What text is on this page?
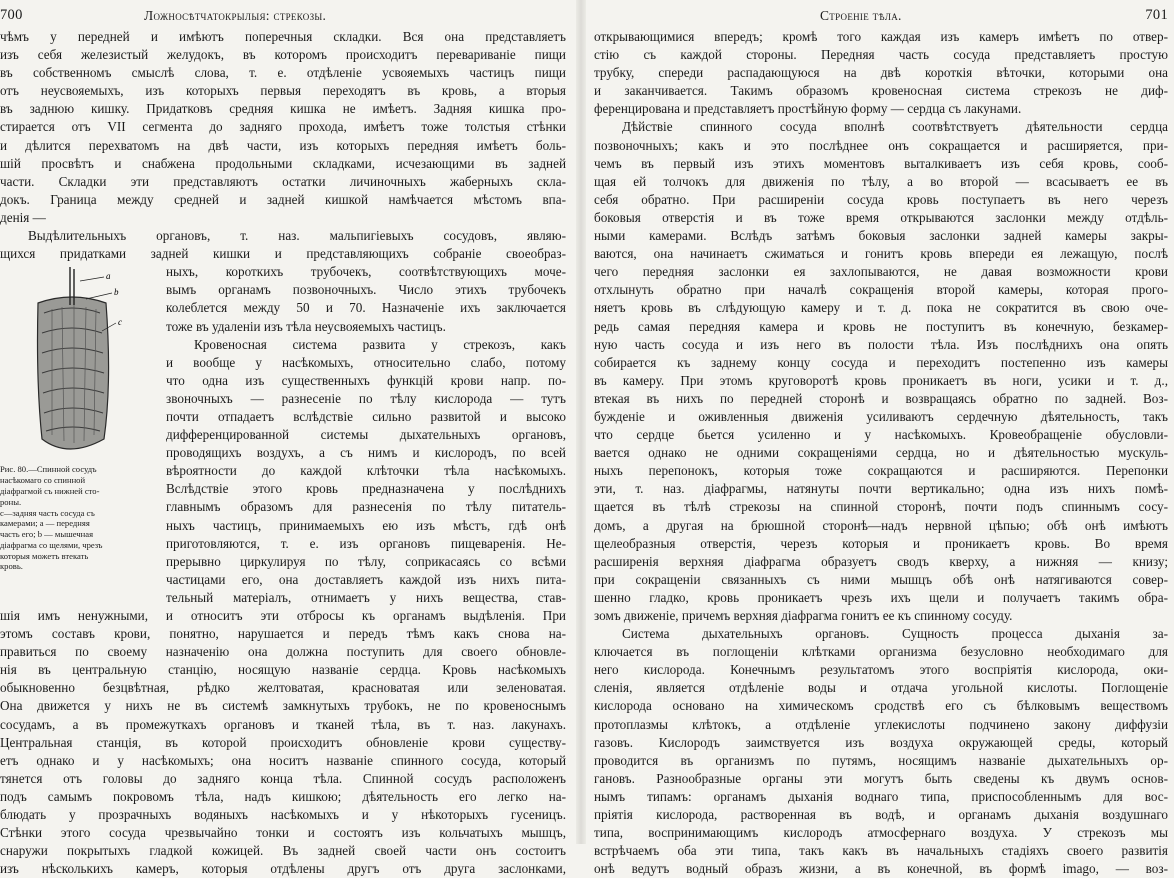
700	Ложносѣтчатокрылыя: стрекозы.
чѣмъ у передней и имѣютъ поперечныя складки. Вся она представляетъ
изъ себя железистый желудокъ, въ которомъ происходитъ перевариваніе пищи
въ собственномъ смыслѣ слова, т. е. отдѣленіе усвояемыхъ частицъ пищи
отъ неусвояемыхъ, изъ которыхъ первыя переходятъ въ кровь, а вторыя
въ заднюю кишку. Придатковъ средняя кишка не имѣетъ. Задняя кишка про-
стирается отъ VII сегмента до задняго прохода, имѣетъ тоже толстыя стѣнки
и дѣлится перехватомъ на двѣ части, изъ которыхъ передняя имѣетъ боль-
шій просвѣтъ и снабжена продольными складками, исчезающими въ задней
части. Складки эти представляютъ остатки личиночныхъ жаберныхъ скла-
докъ. Граница между средней и задней кишкой намѣчается мѣстомъ впа-
денія —
Выдѣлительныхъ органовъ, т. наз. мальпигіевыхъ сосудовъ, являю-
щихся придатками задней кишки и представляющихъ собраніе своеобраз-
a
b
c
Рис. 80.—Спинной сосудъ
насѣкомаго со спинной
діафрагмой съ нижней сто-
роны.
c—задняя часть сосуда съ
камерами; a — передняя
часть его; b — мышечная
діафрагма со щелями, чрезъ
которыя можетъ втекать
кровь.
ныхъ, короткихъ трубочекъ, соотвѣтствующихъ моче-
вымъ органамъ позвоночныхъ. Число этихъ трубочекъ
колеблется между 50 и 70. Назначеніе ихъ заключается
тоже въ удаленіи изъ тѣла неусвояемыхъ частицъ.
Кровеносная система развита у стрекозъ, какъ
и вообще у насѣкомыхъ, относительно слабо, потому
что одна изъ существенныхъ функцій крови напр. по-
звоночныхъ — разнесеніе по тѣлу кислорода — тутъ
почти отпадаетъ вслѣдствіе сильно развитой и высоко
дифференцированной системы дыхательныхъ органовъ,
проводящихъ воздухъ, а съ нимъ и кислородъ, по всей
вѣроятности до каждой клѣточки тѣла насѣкомыхъ.
Вслѣдствіе этого кровь предназначена у послѣднихъ
главнымъ образомъ для разнесенія по тѣлу питатель-
ныхъ частицъ, принимаемыхъ ею изъ мѣстъ, гдѣ онѣ
приготовляются, т. е. изъ органовъ пищеваренія. Не-
прерывно циркулируя по тѣлу, соприкасаясь со всѣми
частицами его, она доставляетъ каждой изъ нихъ пита-
тельный матеріалъ, отнимаетъ у нихъ вещества, став-
шія имъ ненужными, и относитъ эти отбросы къ органамъ выдѣленія. При
этомъ составъ крови, понятно, нарушается и передъ тѣмъ какъ снова на-
правиться по своему назначенію она должна поступить для своего обновле-
нія въ центральную станцію, носящую названіе сердца. Кровь насѣкомыхъ
обыкновенно безцвѣтная, рѣдко желтоватая, красноватая или зеленоватая.
Она движется у нихъ не въ системѣ замкнутыхъ трубокъ, не по кровеноснымъ
сосудамъ, а въ промежуткахъ органовъ и тканей тѣла, въ т. наз. лакунахъ.
Центральная станція, въ которой происходитъ обновленіе крови существу-
етъ однако и у насѣкомыхъ; она носитъ названіе спинного сосуда, который
тянется отъ головы до задняго конца тѣла. Спинной сосудъ расположенъ
подъ самымъ покровомъ тѣла, надъ кишкою; дѣятельность его легко на-
блюдать у прозрачныхъ водяныхъ насѣкомыхъ и у нѣкоторыхъ гусеницъ.
Стѣнки этого сосуда чрезвычайно тонки и состоятъ изъ кольчатыхъ мышцъ,
снаружи покрытыхъ гладкой кожицей. Въ задней своей части онъ состоитъ
изъ нѣсколькихъ камеръ, которыя отдѣлены другъ отъ друга заслонками,
Строеніе тѣла.	701
открывающимися впередъ; кромѣ того каждая изъ камеръ имѣетъ по отвер-
стію съ каждой стороны. Передняя часть сосуда представляетъ простую
трубку, спереди распадающуюся на двѣ короткія вѣточки, которыми она
и заканчивается. Такимъ образомъ кровеносная система стрекозъ не диф-
ференцирована и представляетъ простѣйную форму — сердца съ лакунами.
Дѣйствіе спинного сосуда вполнѣ соотвѣтствуетъ дѣятельности сердца
позвоночныхъ; какъ и это послѣднее онъ сокращается и расширяется, при-
чемъ въ первый изъ этихъ моментовъ выталкиваетъ изъ себя кровь, сооб-
щая ей толчокъ для движенія по тѣлу, а во второй — всасываетъ ее въ
себя обратно. При расширеніи сосуда кровь поступаетъ въ него черезъ
боковыя отверстія и въ тоже время открываются заслонки между отдѣль-
ными камерами. Вслѣдъ затѣмъ боковыя заслонки задней камеры закры-
ваются, она начинаетъ сжиматься и гонитъ кровь впереди ея лежащую, послѣ
чего передняя заслонки ея захлопываются, не давая возможности крови
отхлынуть обратно при началѣ сокращенія второй камеры, которая прого-
няетъ кровь въ слѣдующую камеру и т. д. пока не сократится въ свою оче-
редь самая передняя камера и кровь не поступитъ въ конечную, безкамер-
ную часть сосуда и изъ него въ полости тѣла. Изъ послѣднихъ она опять
собирается къ заднему концу сосуда и переходитъ постепенно изъ камеры
въ камеру. При этомъ круговоротѣ кровь проникаетъ въ ноги, усики и т. д.,
втекая въ нихъ по передней сторонѣ и возвращаясь обратно по задней. Воз-
бужденіе и оживленныя движенія усиливаютъ сердечную дѣятельность, такъ
что сердце бьется усиленно и у насѣкомыхъ. Кровеобращеніе обусловли-
вается однако не одними сокращеніями сердца, но и дѣятельностью мускуль-
ныхъ перепонокъ, которыя тоже сокращаются и расширяются. Перепонки
эти, т. наз. діафрагмы, натянуты почти вертикально; одна изъ нихъ помѣ-
щается въ тѣлѣ стрекозы на спинной сторонѣ, почти подъ спиннымъ сосу-
домъ, а другая на брюшной сторонѣ—надъ нервной цѣпью; обѣ онѣ имѣютъ
щелеобразныя отверстія, черезъ которыя и проникаетъ кровь. Во время
расширенія верхняя діафрагма образуетъ сводъ кверху, а нижняя — книзу;
при сокращеніи связанныхъ съ ними мышцъ обѣ онѣ натягиваются совер-
шенно гладко, кровь проникаетъ чрезъ ихъ щели и получаетъ такимъ обра-
зомъ движеніе, причемъ верхняя діафрагма гонитъ ее къ спинному сосуду.
Система дыхательныхъ органовъ. Сущность процесса дыханія за-
ключается въ поглощеніи клѣтками организма безусловно необходимаго для
него кислорода. Конечнымъ результатомъ этого воспріятія кислорода, оки-
сленія, является отдѣленіе воды и отдача угольной кислоты. Поглощеніе
кислорода основано на химическомъ сродствѣ его съ бѣлковымъ веществомъ
протоплазмы клѣтокъ, а отдѣленіе углекислоты подчинено закону диффузіи
газовъ. Кислородъ заимствуется изъ воздуха окружающей среды, который
проводится въ организмъ по путямъ, носящимъ названіе дыхательныхъ ор-
гановъ. Разнообразные органы эти могутъ быть сведены къ двумъ основ-
нымъ типамъ: органамъ дыханія воднаго типа, приспособленнымъ для вос-
пріятія кислорода, растворенная въ водѣ, и органамъ дыханія воздушнаго
типа, воспринимающимъ кислородъ атмосфернаго воздуха. У стрекозъ мы
встрѣчаемъ оба эти типа, такъ какъ въ начальныхъ стадіяхъ своего развитія
онѣ ведутъ водный образъ жизни, а въ конечной, въ формѣ imago, — воз-
